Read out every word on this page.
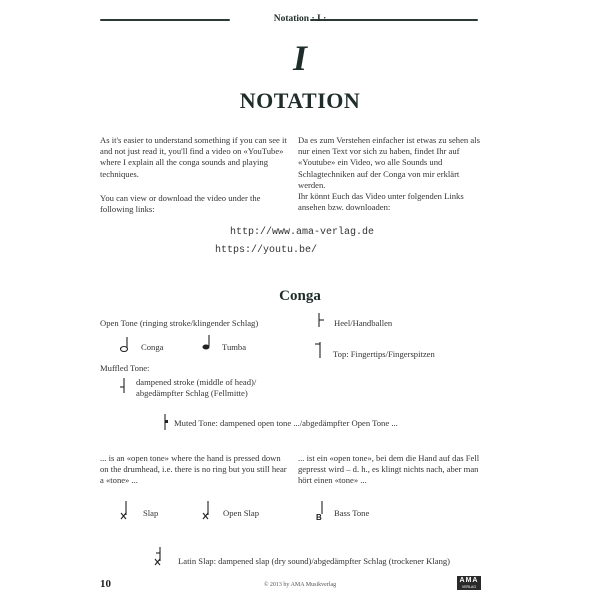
Notation · I ·
I
NOTATION
As it's easier to understand something if you can see it and not just read it, you'll find a video on «YouTube» where I explain all the conga sounds and playing techniques.
You can view or download the video under the following links:
Da es zum Verstehen einfacher ist etwas zu sehen als nur einen Text vor sich zu haben, findet Ihr auf «Youtube» ein Video, wo alle Sounds und Schlagtechniken auf der Conga von mir erklärt werden.
Ihr könnt Euch das Video unter folgenden Links ansehen bzw. downloaden:
http://www.ama-verlag.de
https://youtu.be/
Conga
Open Tone (ringing stroke/klingender Schlag)	Heel/Handballen
Conga	Tumba
Top: Fingertips/Fingerspitzen
Muffled Tone:
dampened stroke (middle of head)/
abgedämpfter Schlag (Fellmitte)
Muted Tone: dampened open tone .../abgedämpfter Open Tone ...
... is an «open tone» where the hand is pressed down on the drumhead, i.e. there is no ring but you still hear a «tone» ...
... ist ein «open tone», bei dem die Hand auf das Fell gepresst wird – d. h., es klingt nichts nach, aber man hört einen «tone» ...
Slap	Open Slap	B Bass Tone
Latin Slap: dampened slap (dry sound)/abgedämpfter Schlag (trockener Klang)
10	© 2013 by AMA Musikverlag
AMA
VERLAG
